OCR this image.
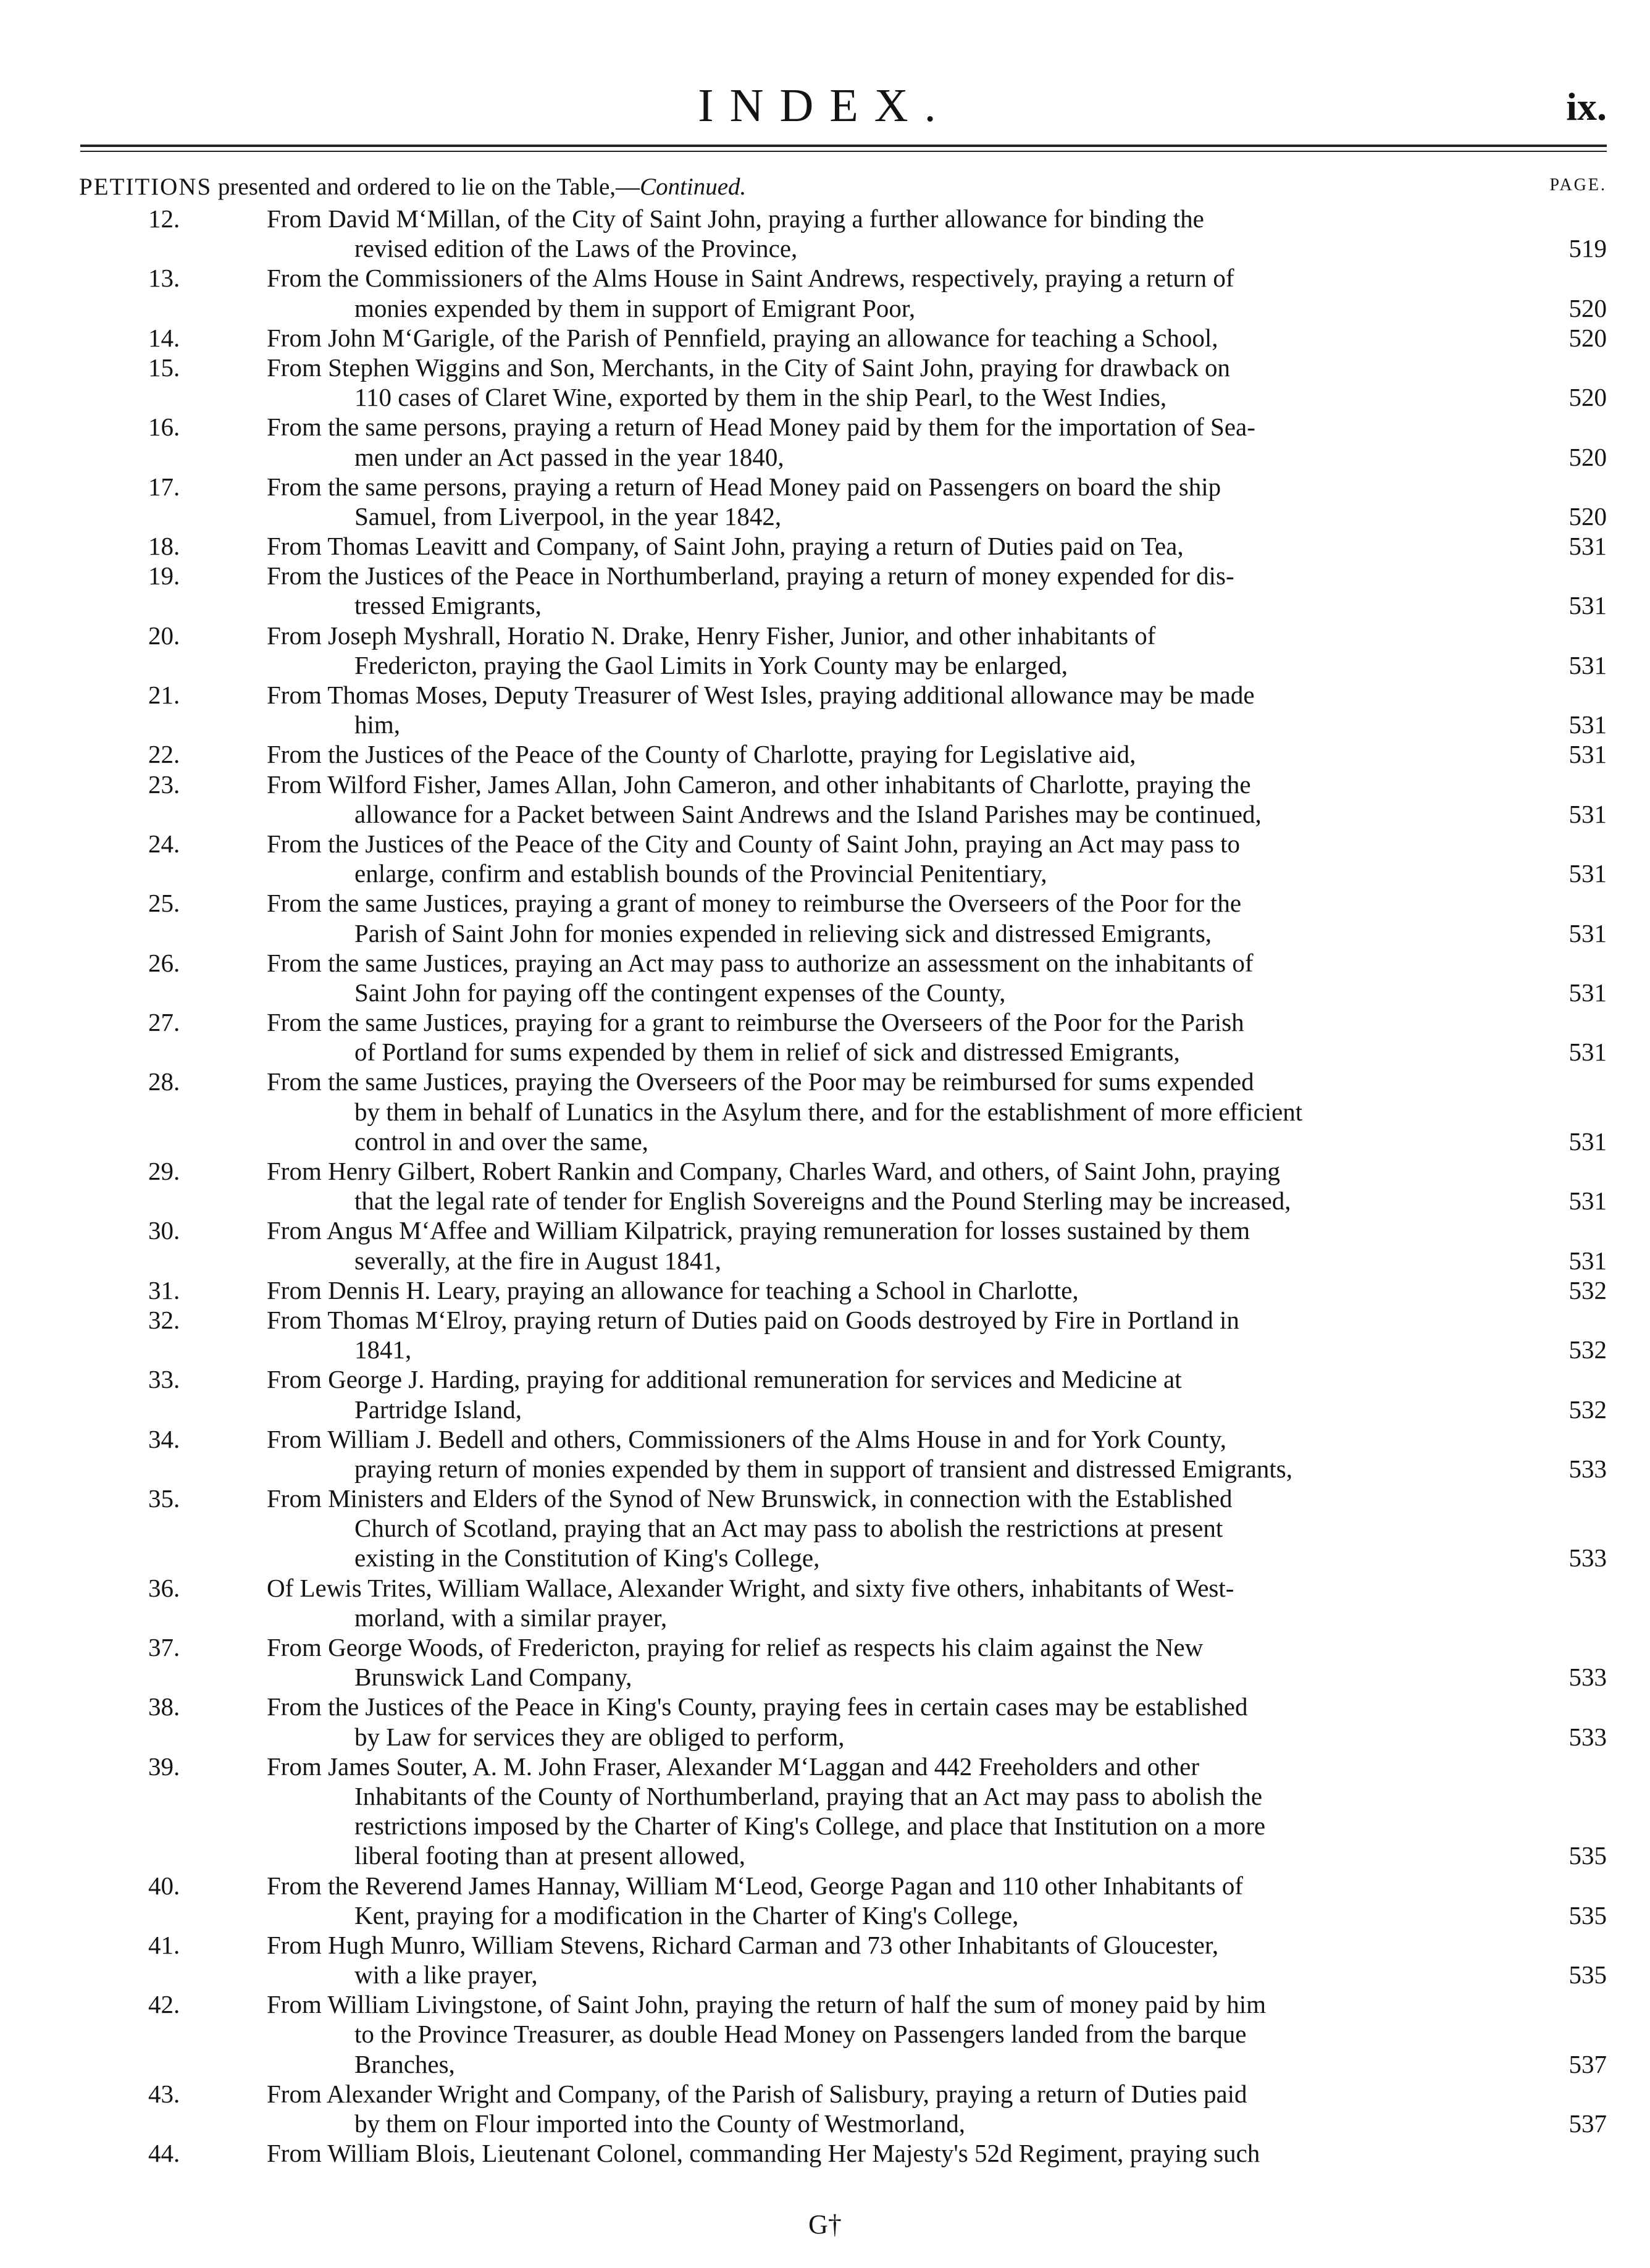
INDEX.	ix.
PETITIONS presented and ordered to lie on the Table,—Continued.	PAGE.
12.	From David M‘Millan, of the City of Saint John, praying a further allowance for binding the
revised edition of the Laws of the Province,	519
13.	From the Commissioners of the Alms House in Saint Andrews, respectively, praying a return of
monies expended by them in support of Emigrant Poor,	520
14.	From John M‘Garigle, of the Parish of Pennfield, praying an allowance for teaching a School,	520
15.	From Stephen Wiggins and Son, Merchants, in the City of Saint John, praying for drawback on
110 cases of Claret Wine, exported by them in the ship Pearl, to the West Indies,	520
16.	From the same persons, praying a return of Head Money paid by them for the importation of Sea-
men under an Act passed in the year 1840,	520
17.	From the same persons, praying a return of Head Money paid on Passengers on board the ship
Samuel, from Liverpool, in the year 1842,	520
18.	From Thomas Leavitt and Company, of Saint John, praying a return of Duties paid on Tea,	531
19.	From the Justices of the Peace in Northumberland, praying a return of money expended for dis-
tressed Emigrants,	531
20.	From Joseph Myshrall, Horatio N. Drake, Henry Fisher, Junior, and other inhabitants of
Fredericton, praying the Gaol Limits in York County may be enlarged,	531
21.	From Thomas Moses, Deputy Treasurer of West Isles, praying additional allowance may be made
him,	531
22.	From the Justices of the Peace of the County of Charlotte, praying for Legislative aid,	531
23.	From Wilford Fisher, James Allan, John Cameron, and other inhabitants of Charlotte, praying the
allowance for a Packet between Saint Andrews and the Island Parishes may be continued,	531
24.	From the Justices of the Peace of the City and County of Saint John, praying an Act may pass to
enlarge, confirm and establish bounds of the Provincial Penitentiary,	531
25.	From the same Justices, praying a grant of money to reimburse the Overseers of the Poor for the
Parish of Saint John for monies expended in relieving sick and distressed Emigrants,	531
26.	From the same Justices, praying an Act may pass to authorize an assessment on the inhabitants of
Saint John for paying off the contingent expenses of the County,	531
27.	From the same Justices, praying for a grant to reimburse the Overseers of the Poor for the Parish
of Portland for sums expended by them in relief of sick and distressed Emigrants,	531
28.	From the same Justices, praying the Overseers of the Poor may be reimbursed for sums expended
by them in behalf of Lunatics in the Asylum there, and for the establishment of more efficient
control in and over the same,	531
29.	From Henry Gilbert, Robert Rankin and Company, Charles Ward, and others, of Saint John, praying
that the legal rate of tender for English Sovereigns and the Pound Sterling may be increased,	531
30.	From Angus M‘Affee and William Kilpatrick, praying remuneration for losses sustained by them
severally, at the fire in August 1841,	531
31.	From Dennis H. Leary, praying an allowance for teaching a School in Charlotte,	532
32.	From Thomas M‘Elroy, praying return of Duties paid on Goods destroyed by Fire in Portland in
1841,	532
33.	From George J. Harding, praying for additional remuneration for services and Medicine at
Partridge Island,	532
34.	From William J. Bedell and others, Commissioners of the Alms House in and for York County,
praying return of monies expended by them in support of transient and distressed Emigrants,	533
35.	From Ministers and Elders of the Synod of New Brunswick, in connection with the Established
Church of Scotland, praying that an Act may pass to abolish the restrictions at present
existing in the Constitution of King's College,	533
36.	Of Lewis Trites, William Wallace, Alexander Wright, and sixty five others, inhabitants of West-
morland, with a similar prayer,
37.	From George Woods, of Fredericton, praying for relief as respects his claim against the New
Brunswick Land Company,	533
38.	From the Justices of the Peace in King's County, praying fees in certain cases may be established
by Law for services they are obliged to perform,	533
39.	From James Souter, A. M. John Fraser, Alexander M‘Laggan and 442 Freeholders and other
Inhabitants of the County of Northumberland, praying that an Act may pass to abolish the
restrictions imposed by the Charter of King's College, and place that Institution on a more
liberal footing than at present allowed,	535
40.	From the Reverend James Hannay, William M‘Leod, George Pagan and 110 other Inhabitants of
Kent, praying for a modification in the Charter of King's College,	535
41.	From Hugh Munro, William Stevens, Richard Carman and 73 other Inhabitants of Gloucester,
with a like prayer,	535
42.	From William Livingstone, of Saint John, praying the return of half the sum of money paid by him
to the Province Treasurer, as double Head Money on Passengers landed from the barque
Branches,	537
43.	From Alexander Wright and Company, of the Parish of Salisbury, praying a return of Duties paid
by them on Flour imported into the County of Westmorland,	537
44.	From William Blois, Lieutenant Colonel, commanding Her Majesty's 52d Regiment, praying such
G†
